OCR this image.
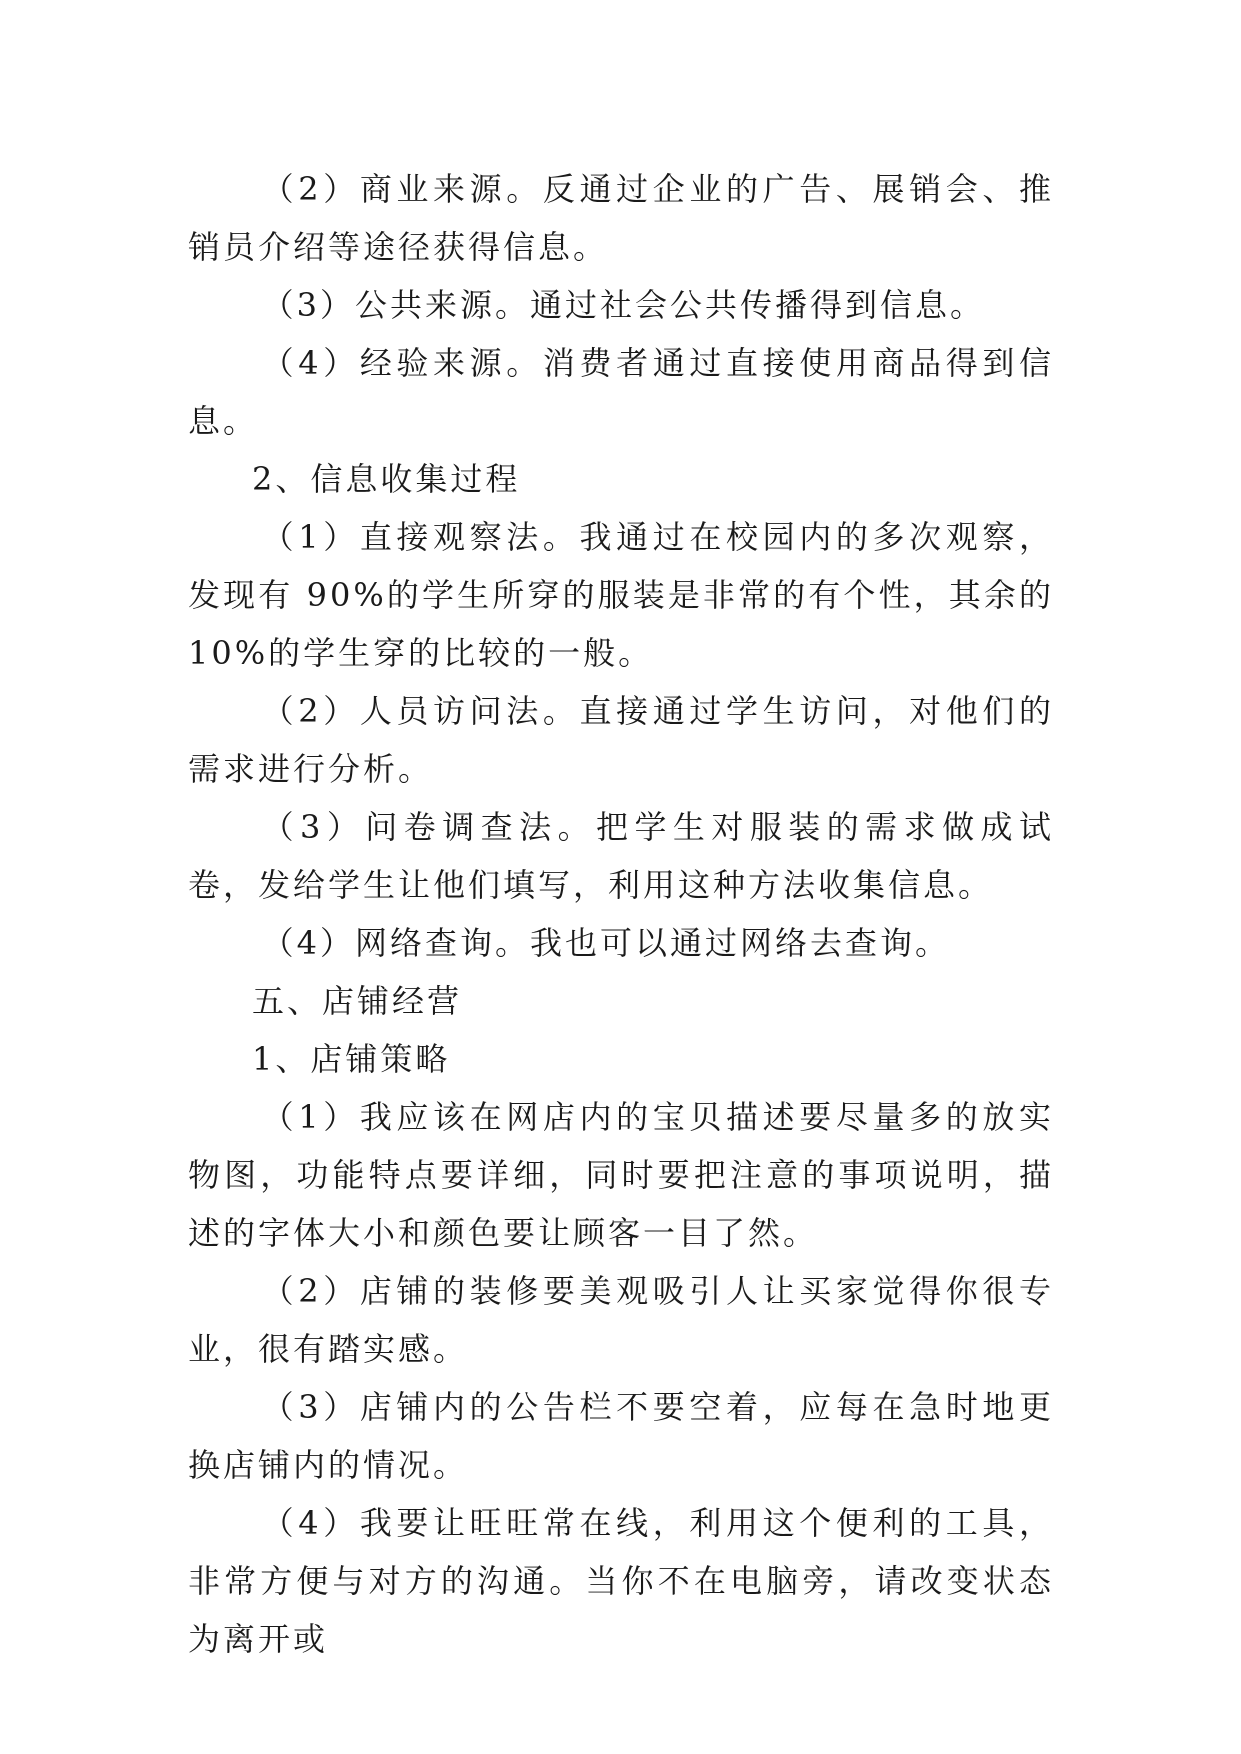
（2）商业来源。反通过企业的广告、展销会、推销员介绍等途径获得信息。

（3）公共来源。通过社会公共传播得到信息。

（4）经验来源。消费者通过直接使用商品得到信息。

2、信息收集过程

（1）直接观察法。我通过在校园内的多次观察，发现有 90%的学生所穿的服装是非常的有个性，其余的 10%的学生穿的比较的一般。

（2）人员访问法。直接通过学生访问，对他们的需求进行分析。

（3）问卷调查法。把学生对服装的需求做成试卷，发给学生让他们填写，利用这种方法收集信息。

（4）网络查询。我也可以通过网络去查询。

五、店铺经营

1、店铺策略

（1）我应该在网店内的宝贝描述要尽量多的放实物图，功能特点要详细，同时要把注意的事项说明，描述的字体大小和颜色要让顾客一目了然。

（2）店铺的装修要美观吸引人让买家觉得你很专业，很有踏实感。

（3）店铺内的公告栏不要空着，应每在急时地更换店铺内的情况。

（4）我要让旺旺常在线，利用这个便利的工具，非常方便与对方的沟通。当你不在电脑旁，请改变状态为离开或
